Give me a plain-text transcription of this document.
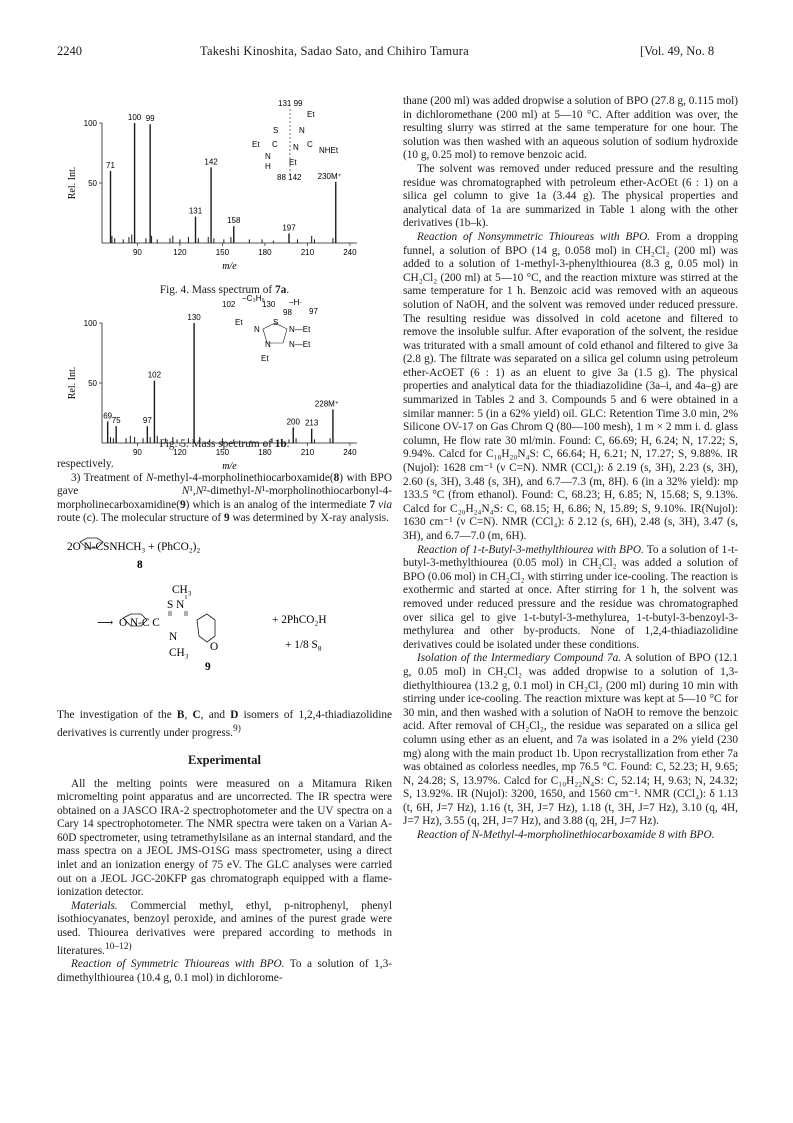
2240	Takeshi Kinoshita, Sadao Sato, and Chihiro Tamura	[Vol. 49, No. 8
50
100
90	120	150	180	210	240
Rel. Int.
m/e
71
100 99
131
142
158
197
230M⁺
131 99
S	N
Et
Et C N C
NHEt
N
H Et
88 142
Fig. 4. Mass spectrum of 7a.
50
100
90	120	150	180	210	240
Rel. Int.
m/e
69
75	97
102
130
200 213
228M⁺
102
−C₃H₅
130 −H·
98 97
Et
N
S
N—Et
N N—Et
Et
Fig. 5. Mass spectrum of 1b.

respectively.

3) Treatment of N-methyl-4-morpholinethiocarboxamide(8) with BPO gave N¹,N²-dimethyl-N¹-morpholinothiocarbonyl-4-morpholinecarboxamidine(9) which is an analog of the intermediate 7 via route (c). The molecular structure of 9 was determined by X-ray analysis.

2O N-CSNHCH₃ + (PhCO₂)₂
8
CH₃
S N
⟶ O N-C C
N
CH₃ O
+ 2PhCO₂H
+ 1/8 S₈
9

The investigation of the B, C, and D isomers of 1,2,4-thiadiazolidine derivatives is currently under progress.$^{9)}$

Experimental

All the melting points were measured on a Mitamura Riken micromelting point apparatus and are uncorrected. The IR spectra were obtained on a JASCO IRA-2 spectrophotometer and the UV spectra on a Cary 14 spectrophotometer. The NMR spectra were taken on a Varian A-60D spectrometer, using tetramethylsilane as an internal standard, and the mass spectra on a JEOL JMS-O1SG mass spectrometer, using a direct inlet and an ionization energy of 75 eV. The GLC analyses were carried out on a JEOL JGC-20KFP gas chromatograph equipped with a flame-ionization detector.

Materials. Commercial methyl, ethyl, p-nitrophenyl, phenyl isothiocyanates, benzoyl peroxide, and amines of the purest grade were used. Thiourea derivatives were prepared according to methods in literatures.$^{10-12)}$

Reaction of Symmetric Thioureas with BPO. To a solution of 1,3-dimethylthiourea (10.4 g, 0.1 mol) in dichlorome-

thane (200 ml) was added dropwise a solution of BPO (27.8 g, 0.115 mol) in dichloromethane (200 ml) at 5—10 °C. After addition was over, the resulting slurry was stirred at the same temperature for one hour. The solution was then washed with an aqueous solution of sodium hydroxide (10 g, 0.25 mol) to remove benzoic acid.

The solvent was removed under reduced pressure and the resulting residue was chromatographed with petroleum ether-AcOEt (6 : 1) on a silica gel column to give 1a (3.44 g). The physical properties and analytical data of 1a are summarized in Table 1 along with the other derivatives (1b–k).

Reaction of Nonsymmetric Thioureas with BPO. From a dropping funnel, a solution of BPO (14 g, 0.058 mol) in CH₂Cl₂ (200 ml) was added to a solution of 1-methyl-3-phenylthiourea (8.3 g, 0.05 mol) in CH₂Cl₂ (200 ml) at 5—10 °C, and the reaction mixture was stirred at the same temperature for 1 h. Benzoic acid was removed with an aqueous solution of NaOH, and the solvent was removed under reduced pressure. The resulting residue was dissolved in cold acetone and filtered to remove the insoluble sulfur. After evaporation of the solvent, the residue was triturated with a small amount of cold ethanol and filtered to give 3a (2.8 g). The filtrate was separated on a silica gel column using petroleum ether-AcOET (6 : 1) as an eluent to give 3a (1.5 g). The physical properties and analytical data for the thiadiazolidine (3a–i, and 4a–g) are summarized in Tables 2 and 3. Compounds 5 and 6 were obtained in a similar manner: 5 (in a 62% yield) oil. GLC: Retention Time 3.0 min, 2% Silicone OV-17 on Gas Chrom Q (80—100 mesh), 1 m × 2 mm i. d. glass column, He flow rate 30 ml/min. Found: C, 66.69; H, 6.24; N, 17.22; S, 9.94%. Calcd for C₁₈H₂₀N₄S: C, 66.64; H, 6.21; N, 17.27; S, 9.88%. IR (Nujol): 1628 cm⁻¹ (ν C=N). NMR (CCl₄): δ 2.19 (s, 3H), 2.23 (s, 3H), 2.60 (s, 3H), 3.48 (s, 3H), and 6.7—7.3 (m, 8H). 6 (in a 32% yield): mp 133.5 °C (from ethanol). Found: C, 68.23; H, 6.85; N, 15.68; S, 9.13%. Calcd for C₂₀H₂₄N₄S: C, 68.15; H, 6.86; N, 15.89; S, 9.10%. IR(Nujol): 1630 cm⁻¹ (ν C=N). NMR (CCl₄): δ 2.12 (s, 6H), 2.48 (s, 3H), 3.47 (s, 3H), and 6.7—7.0 (m, 6H).

Reaction of 1-t-Butyl-3-methylthiourea with BPO. To a solution of 1-t-butyl-3-methylthiourea (0.05 mol) in CH₂Cl₂ was added a solution of BPO (0.06 mol) in CH₂Cl₂ with stirring under ice-cooling. The reaction is exothermic and started at once. After stirring for 1 h, the solvent was removed under reduced pressure and the residue was chromatographed over silica gel to give 1-t-butyl-3-methylurea, 1-t-butyl-3-benzoyl-3-methylurea and other by-products. None of 1,2,4-thiadiazolidine derivatives could be isolated under these conditions.

Isolation of the Intermediary Compound 7a. A solution of BPO (12.1 g, 0.05 mol) in CH₂Cl₂ was added dropwise to a solution of 1,3-diethylthiourea (13.2 g, 0.1 mol) in CH₂Cl₂ (200 ml) during 10 min with stirring under ice-cooling. The reaction mixture was kept at 5—10 °C for 30 min, and then washed with a solution of NaOH to remove the benzoic acid. After removal of CH₂Cl₂, the residue was separated on a silica gel column using ether as an eluent, and 7a was isolated in a 2% yield (230 mg) along with the main product 1b. Upon recrystallization from ether 7a was obtained as colorless needles, mp 76.5 °C. Found: C, 52.23; H, 9.65; N, 24.28; S, 13.97%. Calcd for C₁₀H₂₂N₄S: C, 52.14; H, 9.63; N, 24.32; S, 13.92%. IR (Nujol): 3200, 1650, and 1560 cm⁻¹. NMR (CCl₄): δ 1.13 (t, 6H, J=7 Hz), 1.16 (t, 3H, J=7 Hz), 1.18 (t, 3H, J=7 Hz), 3.10 (q, 4H, J=7 Hz), 3.55 (q, 2H, J=7 Hz), and 3.88 (q, 2H, J=7 Hz).

Reaction of N-Methyl-4-morpholinethiocarboxamide 8 with BPO.
